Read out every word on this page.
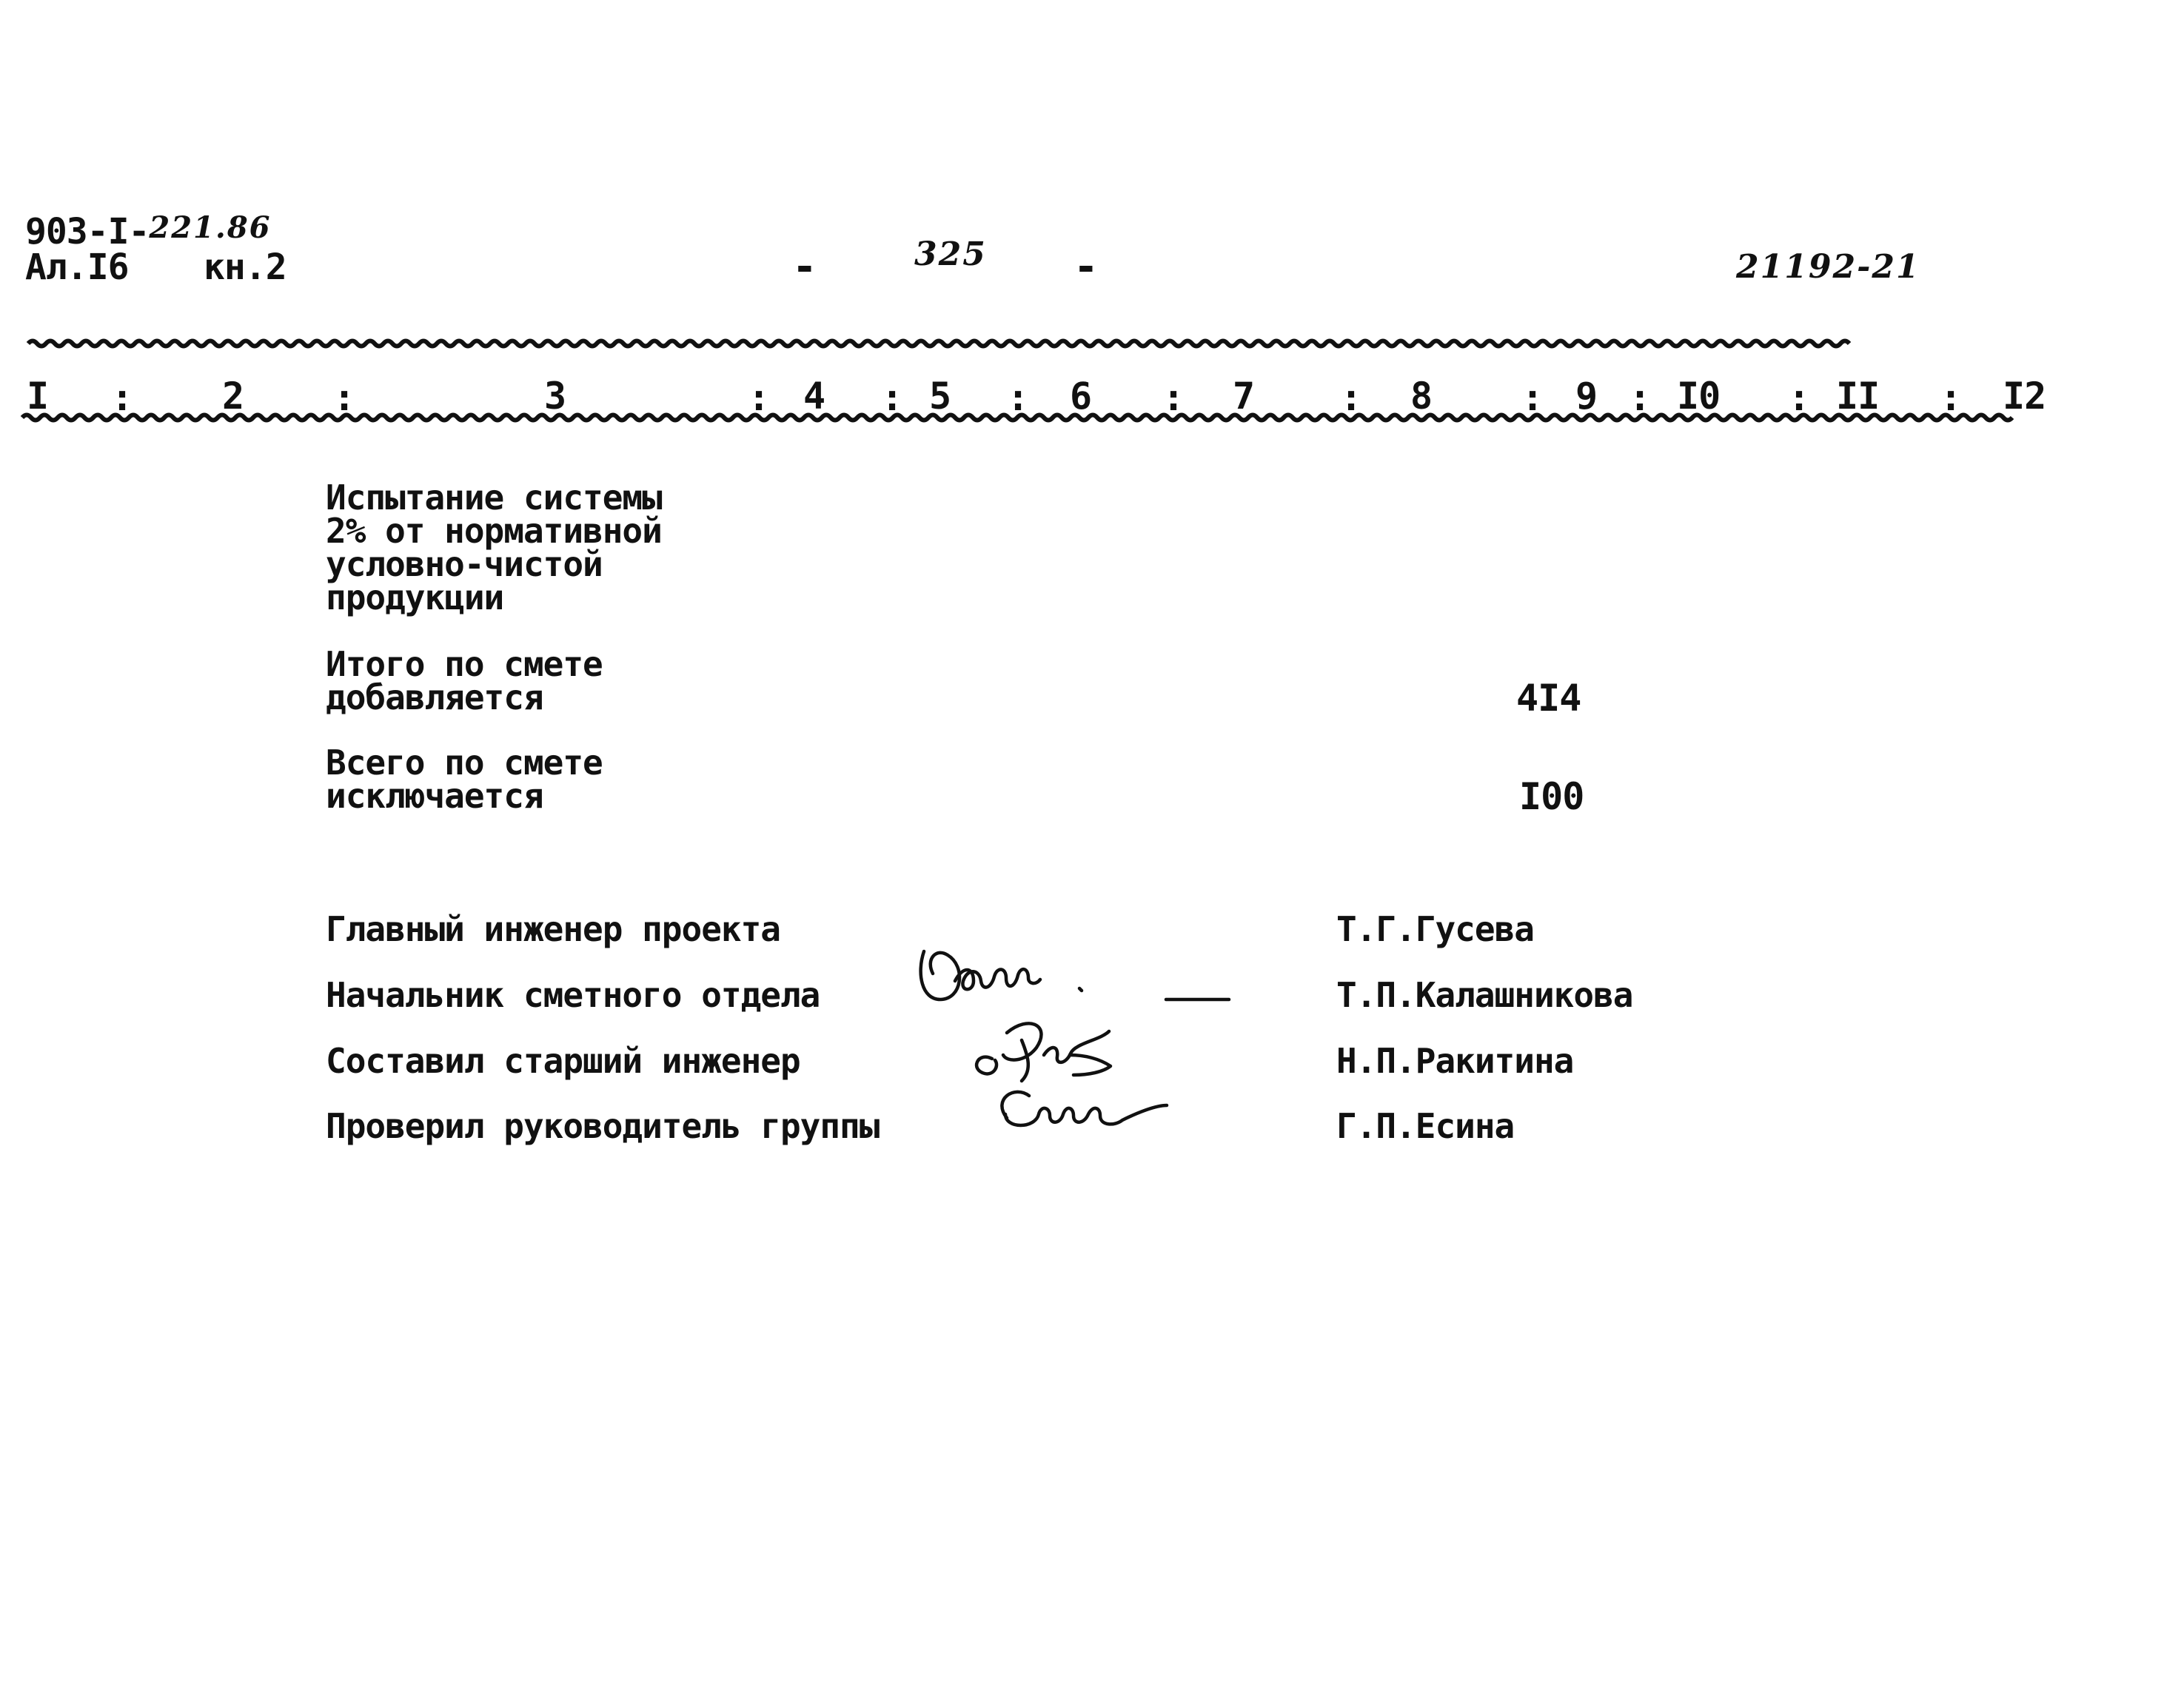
903-I-221.86
Ал.I6 кн.2	-	325 -	21192-21
I	2	3	4	5	6	7	8	9 I0	II	I2
:	:	:	:	:	:	:	: :	:	:
Испытание системы
2% от нормативной
условно-чистой
продукции
Итого по смете
добавляется	4I4
Всего по смете
исключается	I00
Главный инженер проекта	Т.Г.Гусева
Начальник сметного отдела	Т.П.Калашникова
Составил старший инженер	Н.П.Ракитина
Проверил руководитель группы	Г.П.Есина
